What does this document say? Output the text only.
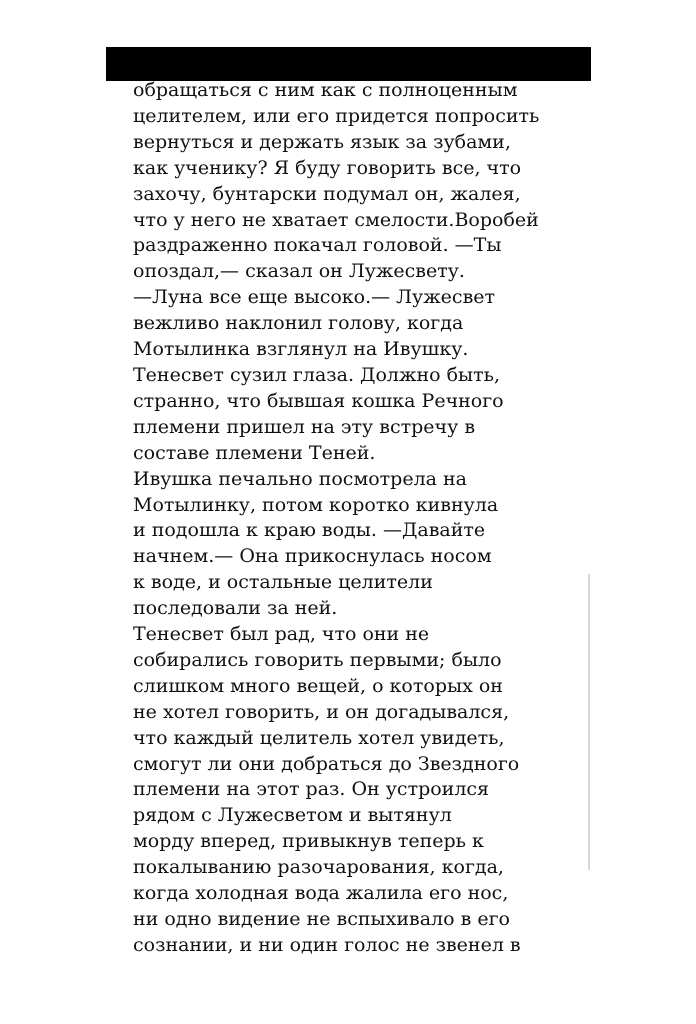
обращаться с ним как с полноценным
целителем, или его придется попросить
вернуться и держать язык за зубами,
как ученику? Я буду говорить все, что
захочу, бунтарски подумал он, жалея,
что у него не хватает смелости.Воробей
раздраженно покачал головой. —Ты
опоздал,— сказал он Лужесвету.
—Луна все еще высоко.— Лужесвет
вежливо наклонил голову, когда
Мотылинка взглянул на Ивушку.
Тенесвет сузил глаза. Должно быть,
странно, что бывшая кошка Речного
племени пришел на эту встречу в
составе племени Теней.
Ивушка печально посмотрела на
Мотылинку, потом коротко кивнула
и подошла к краю воды. —Давайте
начнем.— Она прикоснулась носом
к воде, и остальные целители
последовали за ней.
Тенесвет был рад, что они не
собирались говорить первыми; было
слишком много вещей, о которых он
не хотел говорить, и он догадывался,
что каждый целитель хотел увидеть,
смогут ли они добраться до Звездного
племени на этот раз. Он устроился
рядом с Лужесветом и вытянул
морду вперед, привыкнув теперь к
покалыванию разочарования, когда,
когда холодная вода жалила его нос,
ни одно видение не вспыхивало в его
сознании, и ни один голос не звенел в
